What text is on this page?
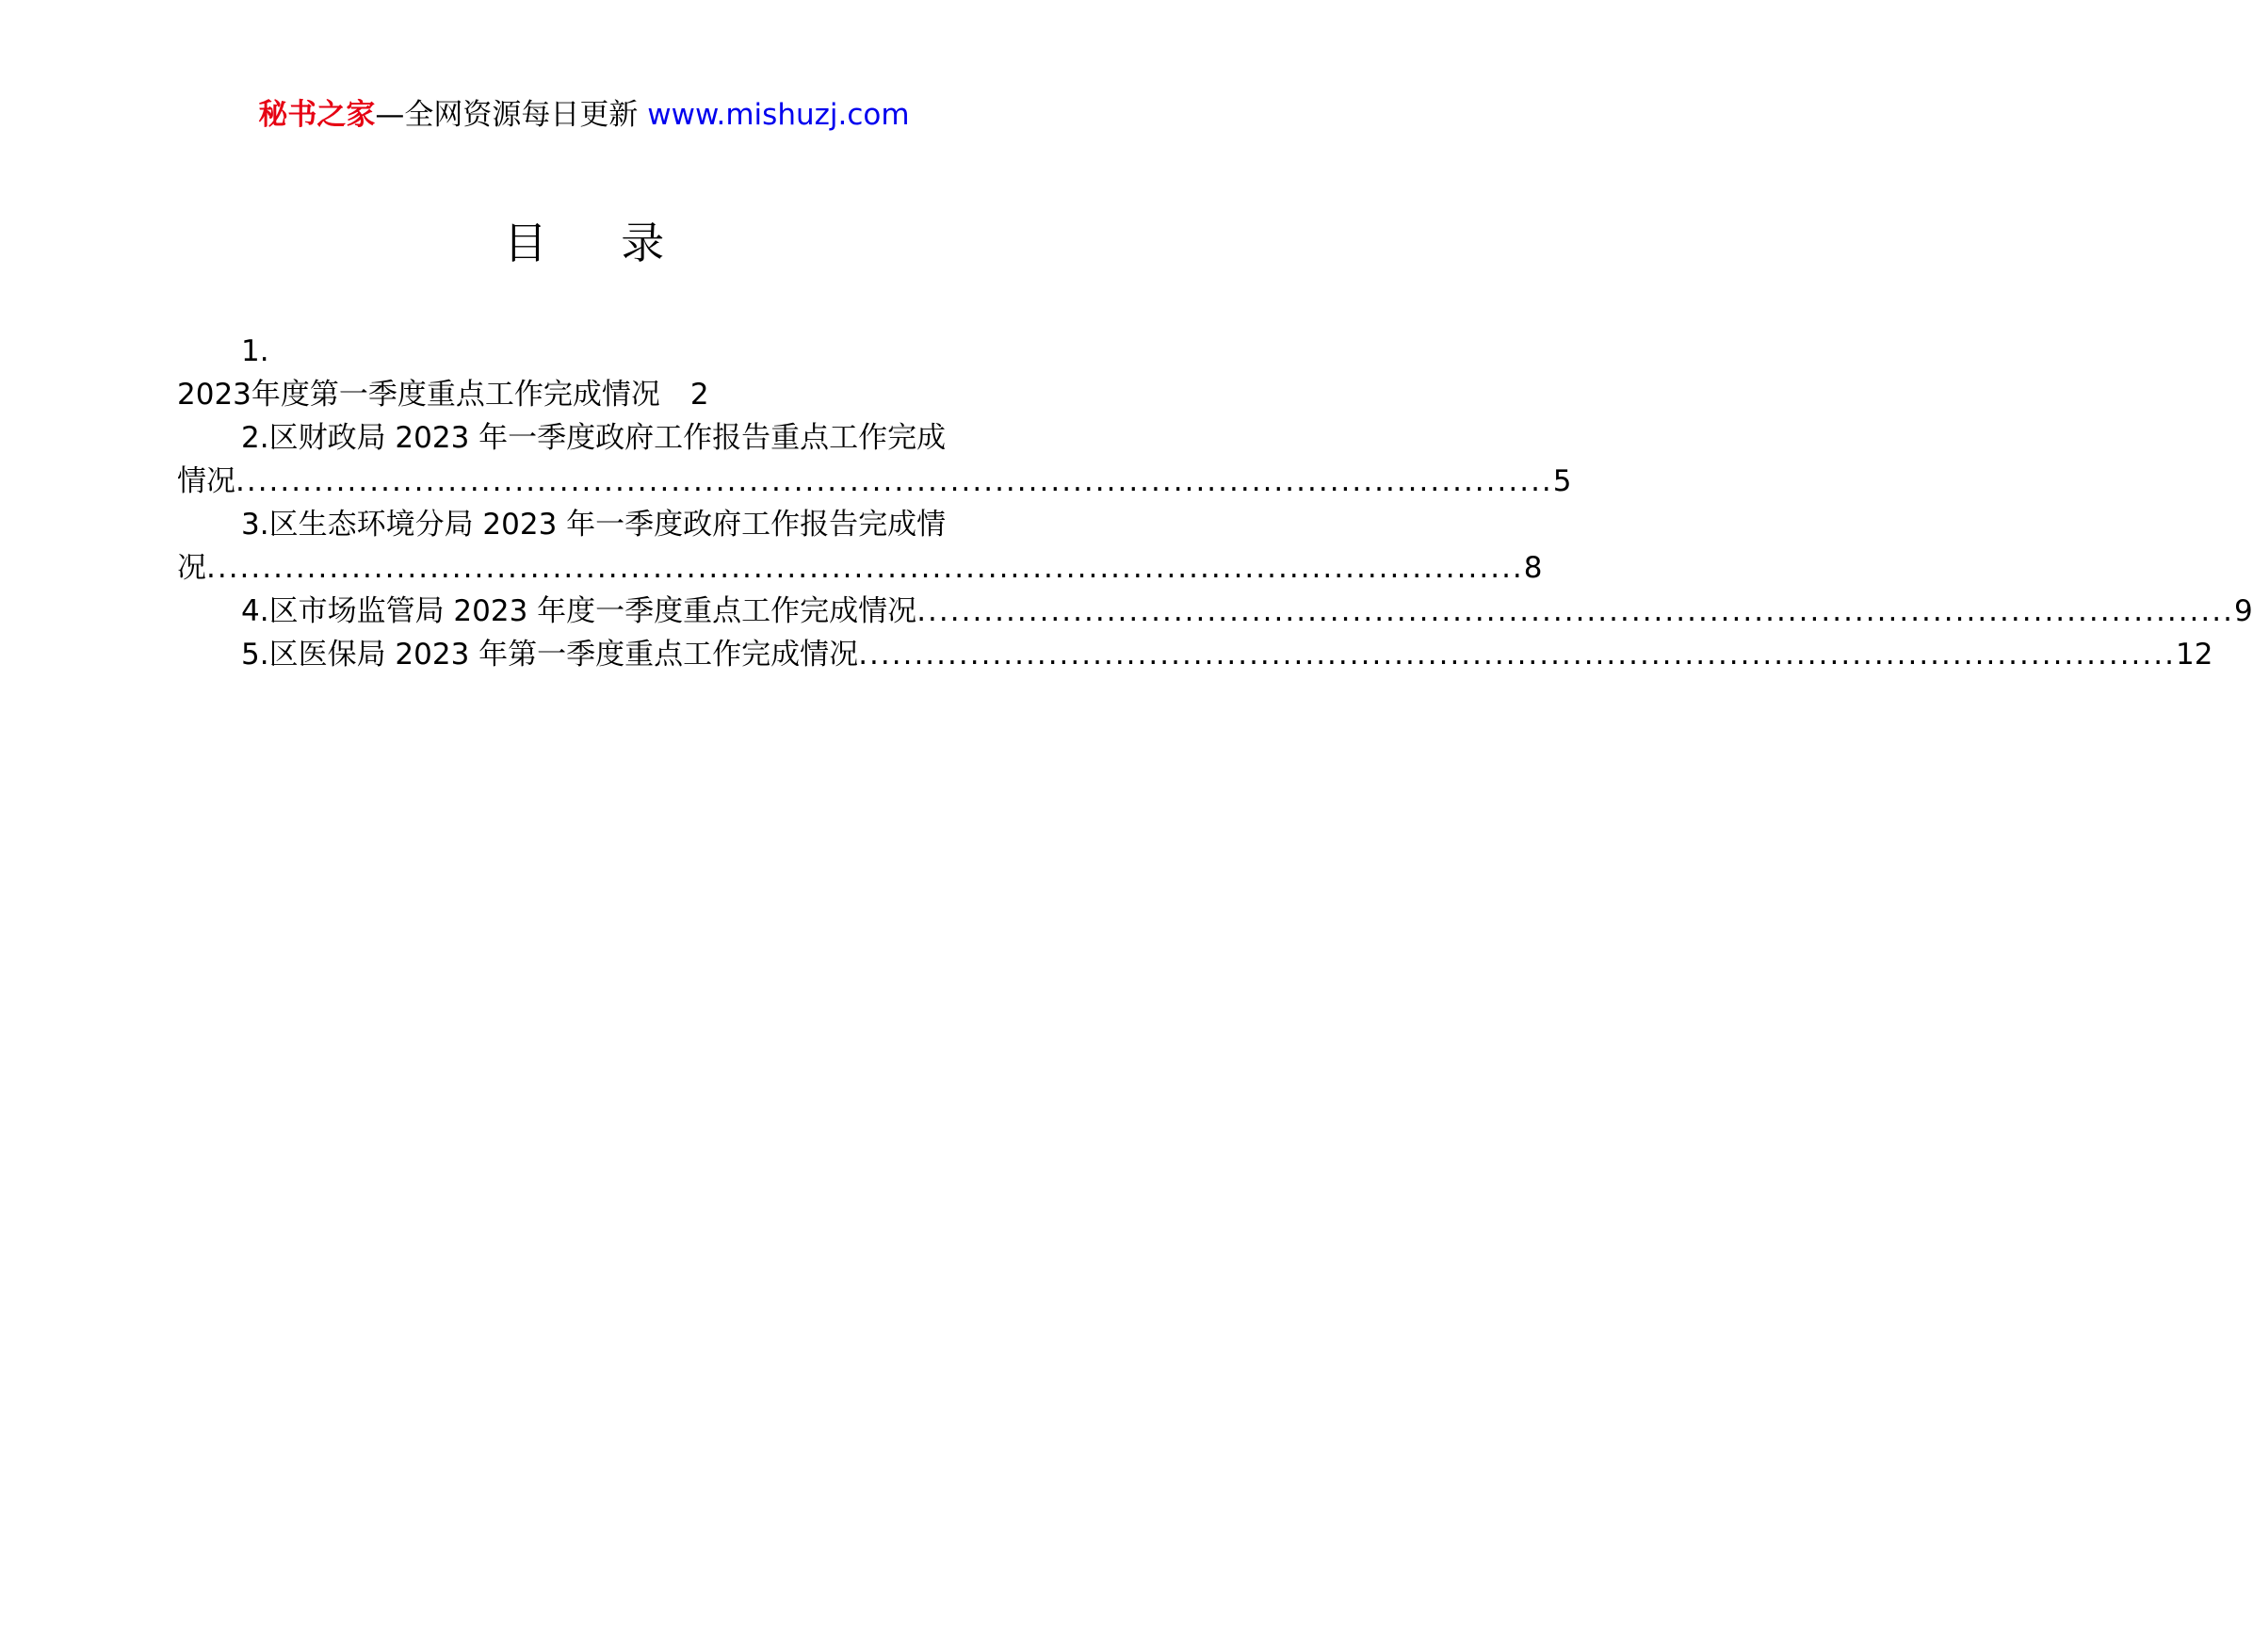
秘书之家—全网资源每日更新 www.mishuzj.com
目 录
1.
2023年度第一季度重点工作完成情况 2
2.区财政局 2023 年一季度政府工作报告重点工作完成
情况 ...................................................................................................................... 5
3.区生态环境分局 2023 年一季度政府工作报告完成情
况 ...................................................................................................................... 8
4.区市场监管局 2023 年度一季度重点工作完成情况 ...................................................................................................................... 9
5.区医保局 2023 年第一季度重点工作完成情况 ...................................................................................................................... 12
